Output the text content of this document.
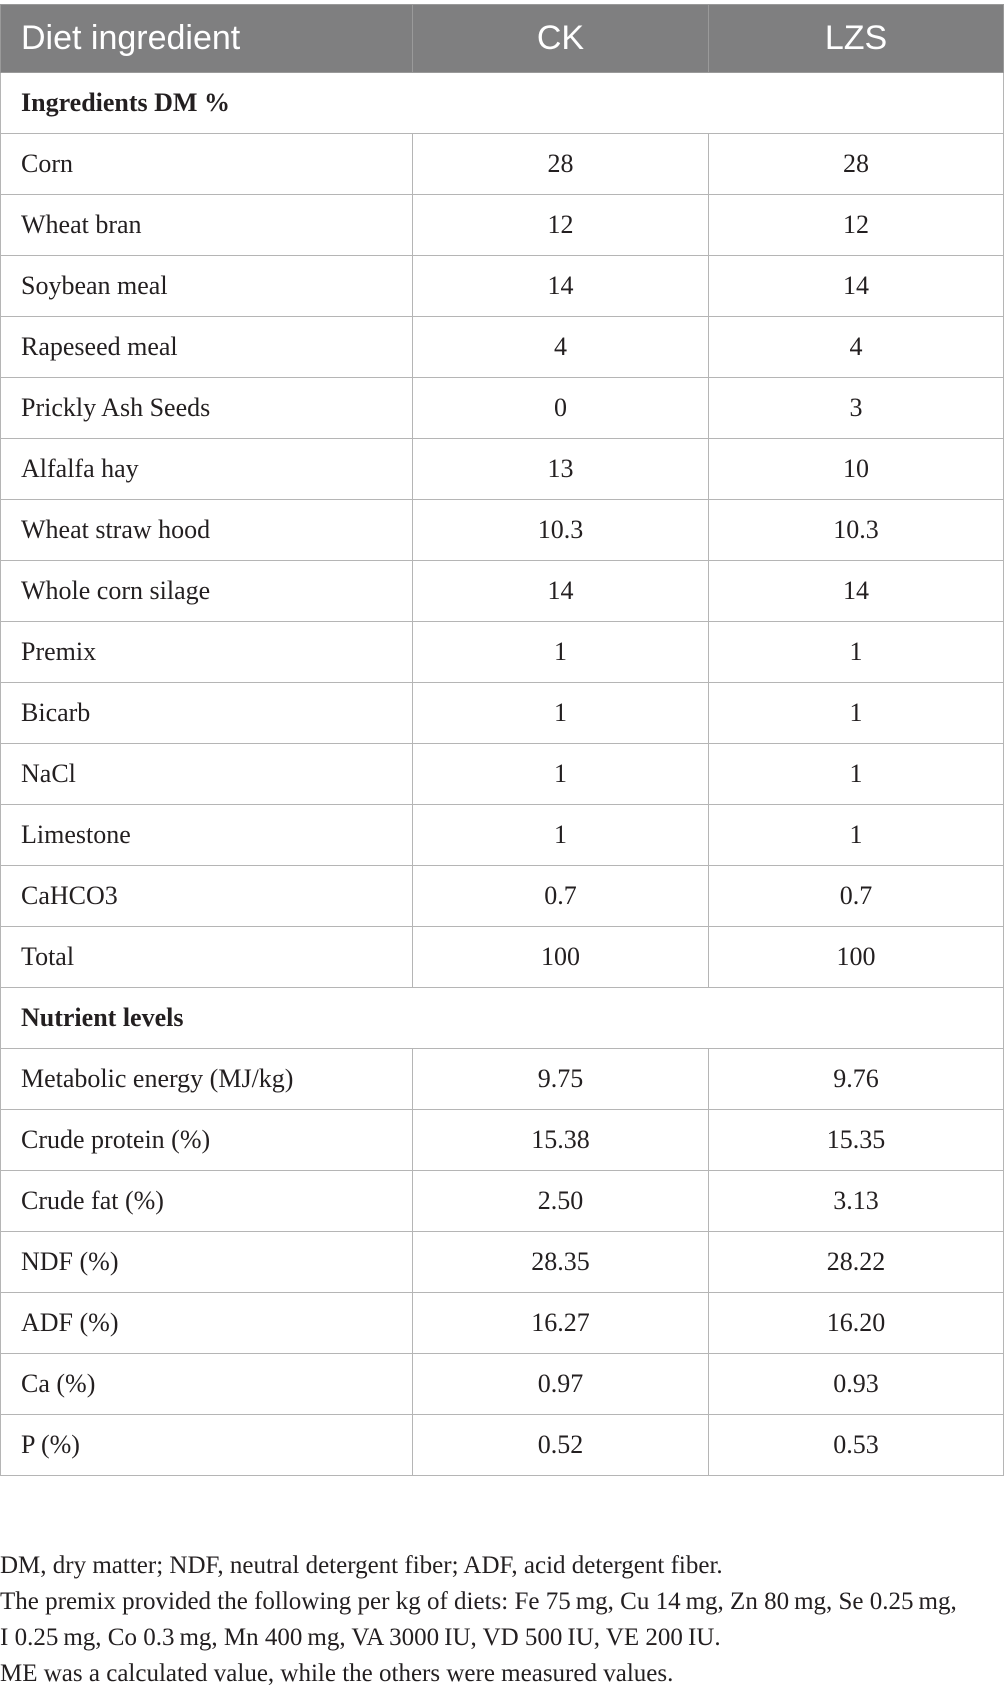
Diet ingredient	CK	LZS
Ingredients DM %		
Corn	28	28
Wheat bran	12	12
Soybean meal	14	14
Rapeseed meal	4	4
Prickly Ash Seeds	0	3
Alfalfa hay	13	10
Wheat straw hood	10.3	10.3
Whole corn silage	14	14
Premix	1	1
Bicarb	1	1
NaCl	1	1
Limestone	1	1
CaHCO3	0.7	0.7
Total	100	100
Nutrient levels		
Metabolic energy (MJ/kg)	9.75	9.76
Crude protein (%)	15.38	15.35
Crude fat (%)	2.50	3.13
NDF (%)	28.35	28.22
ADF (%)	16.27	16.20
Ca (%)	0.97	0.93
P (%)	0.52	0.53

DM, dry matter; NDF, neutral detergent fiber; ADF, acid detergent fiber.

The premix provided the following per kg of diets: Fe 75 mg, Cu 14 mg, Zn 80 mg, Se 0.25 mg,

I 0.25 mg, Co 0.3 mg, Mn 400 mg, VA 3000 IU, VD 500 IU, VE 200 IU.

ME was a calculated value, while the others were measured values.
